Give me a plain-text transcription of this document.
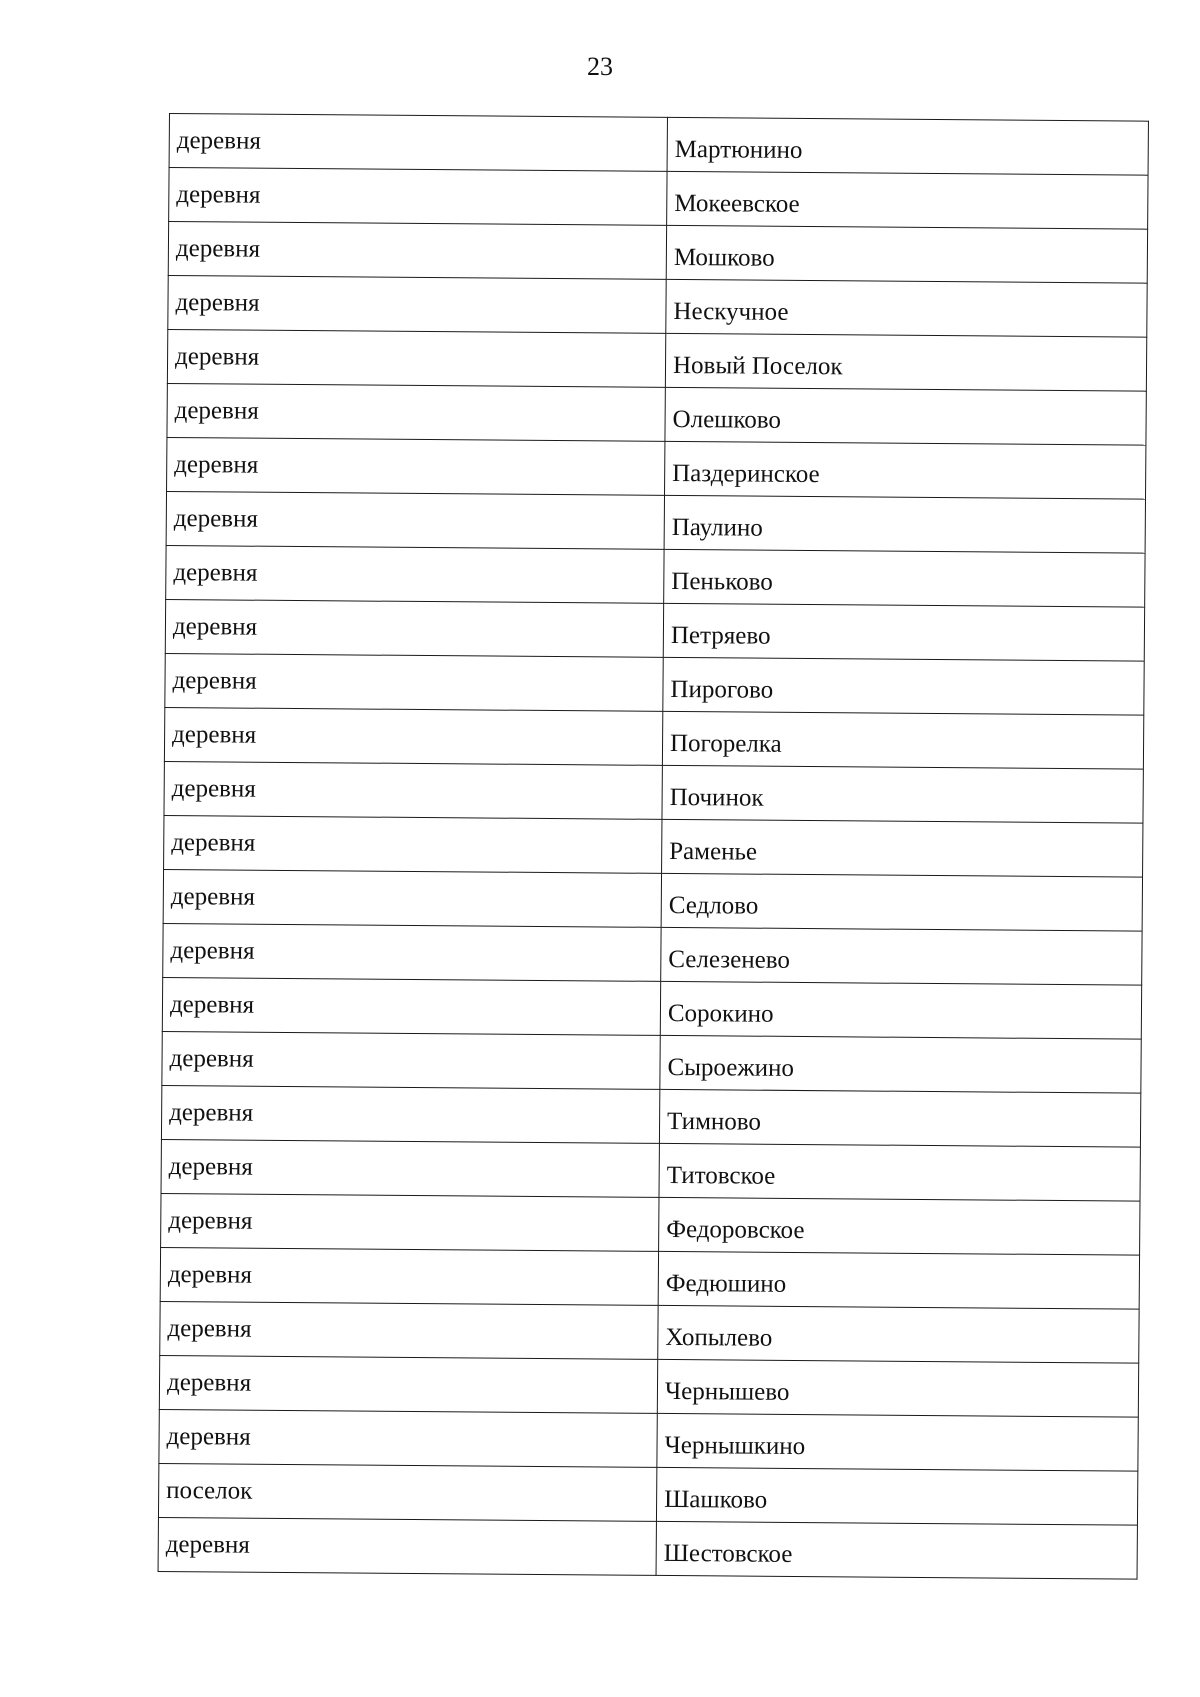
23
деревня	Мартюнино
деревня	Мокеевское
деревня	Мошково
деревня	Нескучное
деревня	Новый Поселок
деревня	Олешково
деревня	Паздеринское
деревня	Паулино
деревня	Пеньково
деревня	Петряево
деревня	Пирогово
деревня	Погорелка
деревня	Починок
деревня	Раменье
деревня	Седлово
деревня	Селезенево
деревня	Сорокино
деревня	Сыроежино
деревня	Тимново
деревня	Титовское
деревня	Федоровское
деревня	Федюшино
деревня	Хопылево
деревня	Чернышево
деревня	Чернышкино
поселок	Шашково
деревня	Шестовское
